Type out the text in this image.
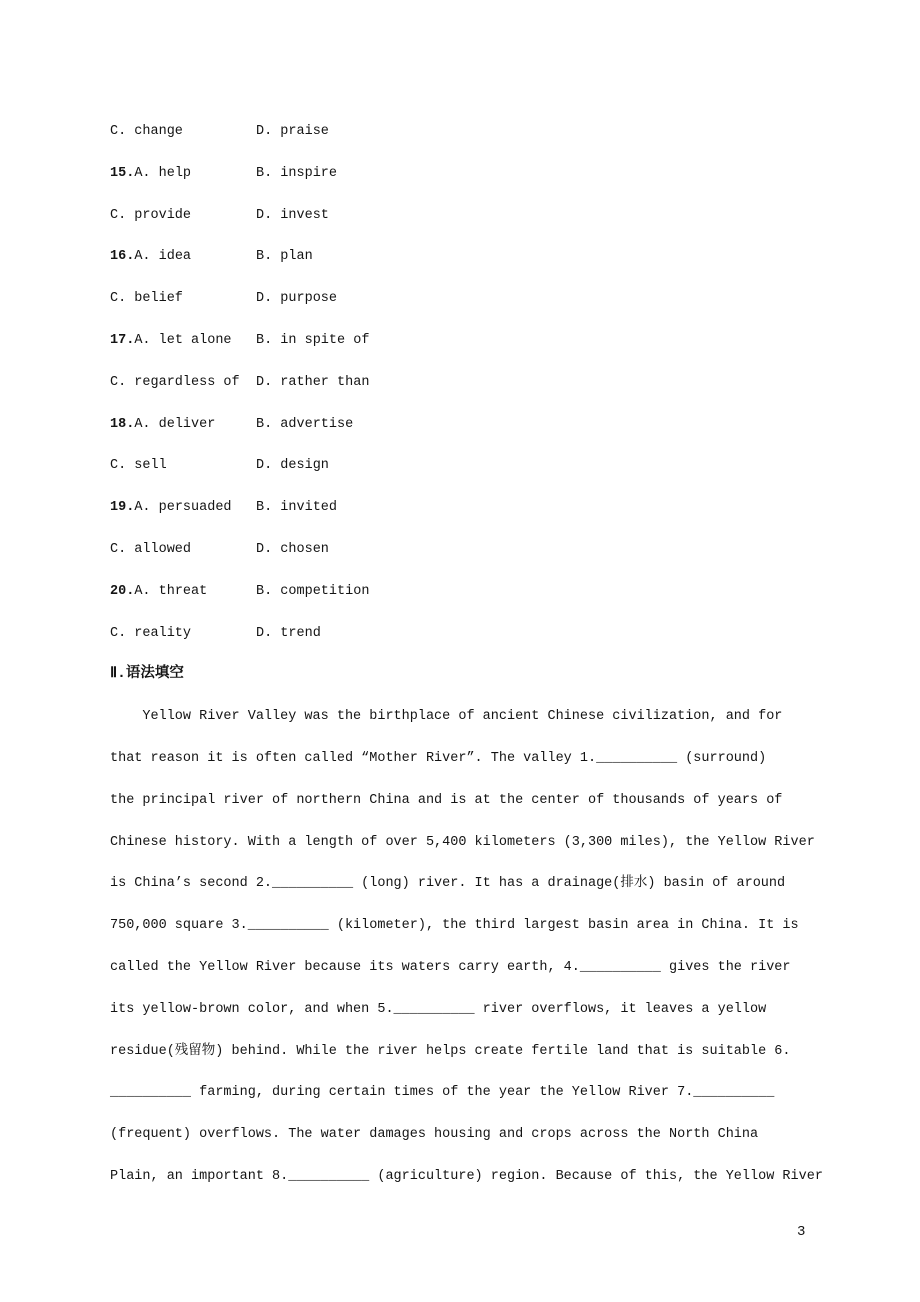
C. change	D. praise
15.A. help	B. inspire
C. provide	D. invest
16.A. idea	B. plan
C. belief	D. purpose
17.A. let alone	B. in spite of
C. regardless of	D. rather than
18.A. deliver	B. advertise
C. sell	D. design
19.A. persuaded	B. invited
C. allowed	D. chosen
20.A. threat	B. competition
C. reality	D. trend
Ⅱ.语法填空
Yellow River Valley was the birthplace of ancient Chinese civilization, and for
that reason it is often called “Mother River”. The valley 1.__________ (surround)
the principal river of northern China and is at the center of thousands of years of
Chinese history. With a length of over 5,400 kilometers (3,300 miles), the Yellow River
is China’s second 2.__________ (long) river. It has a drainage(排水) basin of around
750,000 square 3.__________ (kilometer), the third largest basin area in China. It is
called the Yellow River because its waters carry earth, 4.__________ gives the river
its yellow-brown color, and when 5.__________ river overflows, it leaves a yellow
residue(残留物) behind. While the river helps create fertile land that is suitable 6.
__________ farming, during certain times of the year the Yellow River 7.__________
(frequent) overflows. The water damages housing and crops across the North China
Plain, an important 8.__________ (agriculture) region. Because of this, the Yellow River
3
